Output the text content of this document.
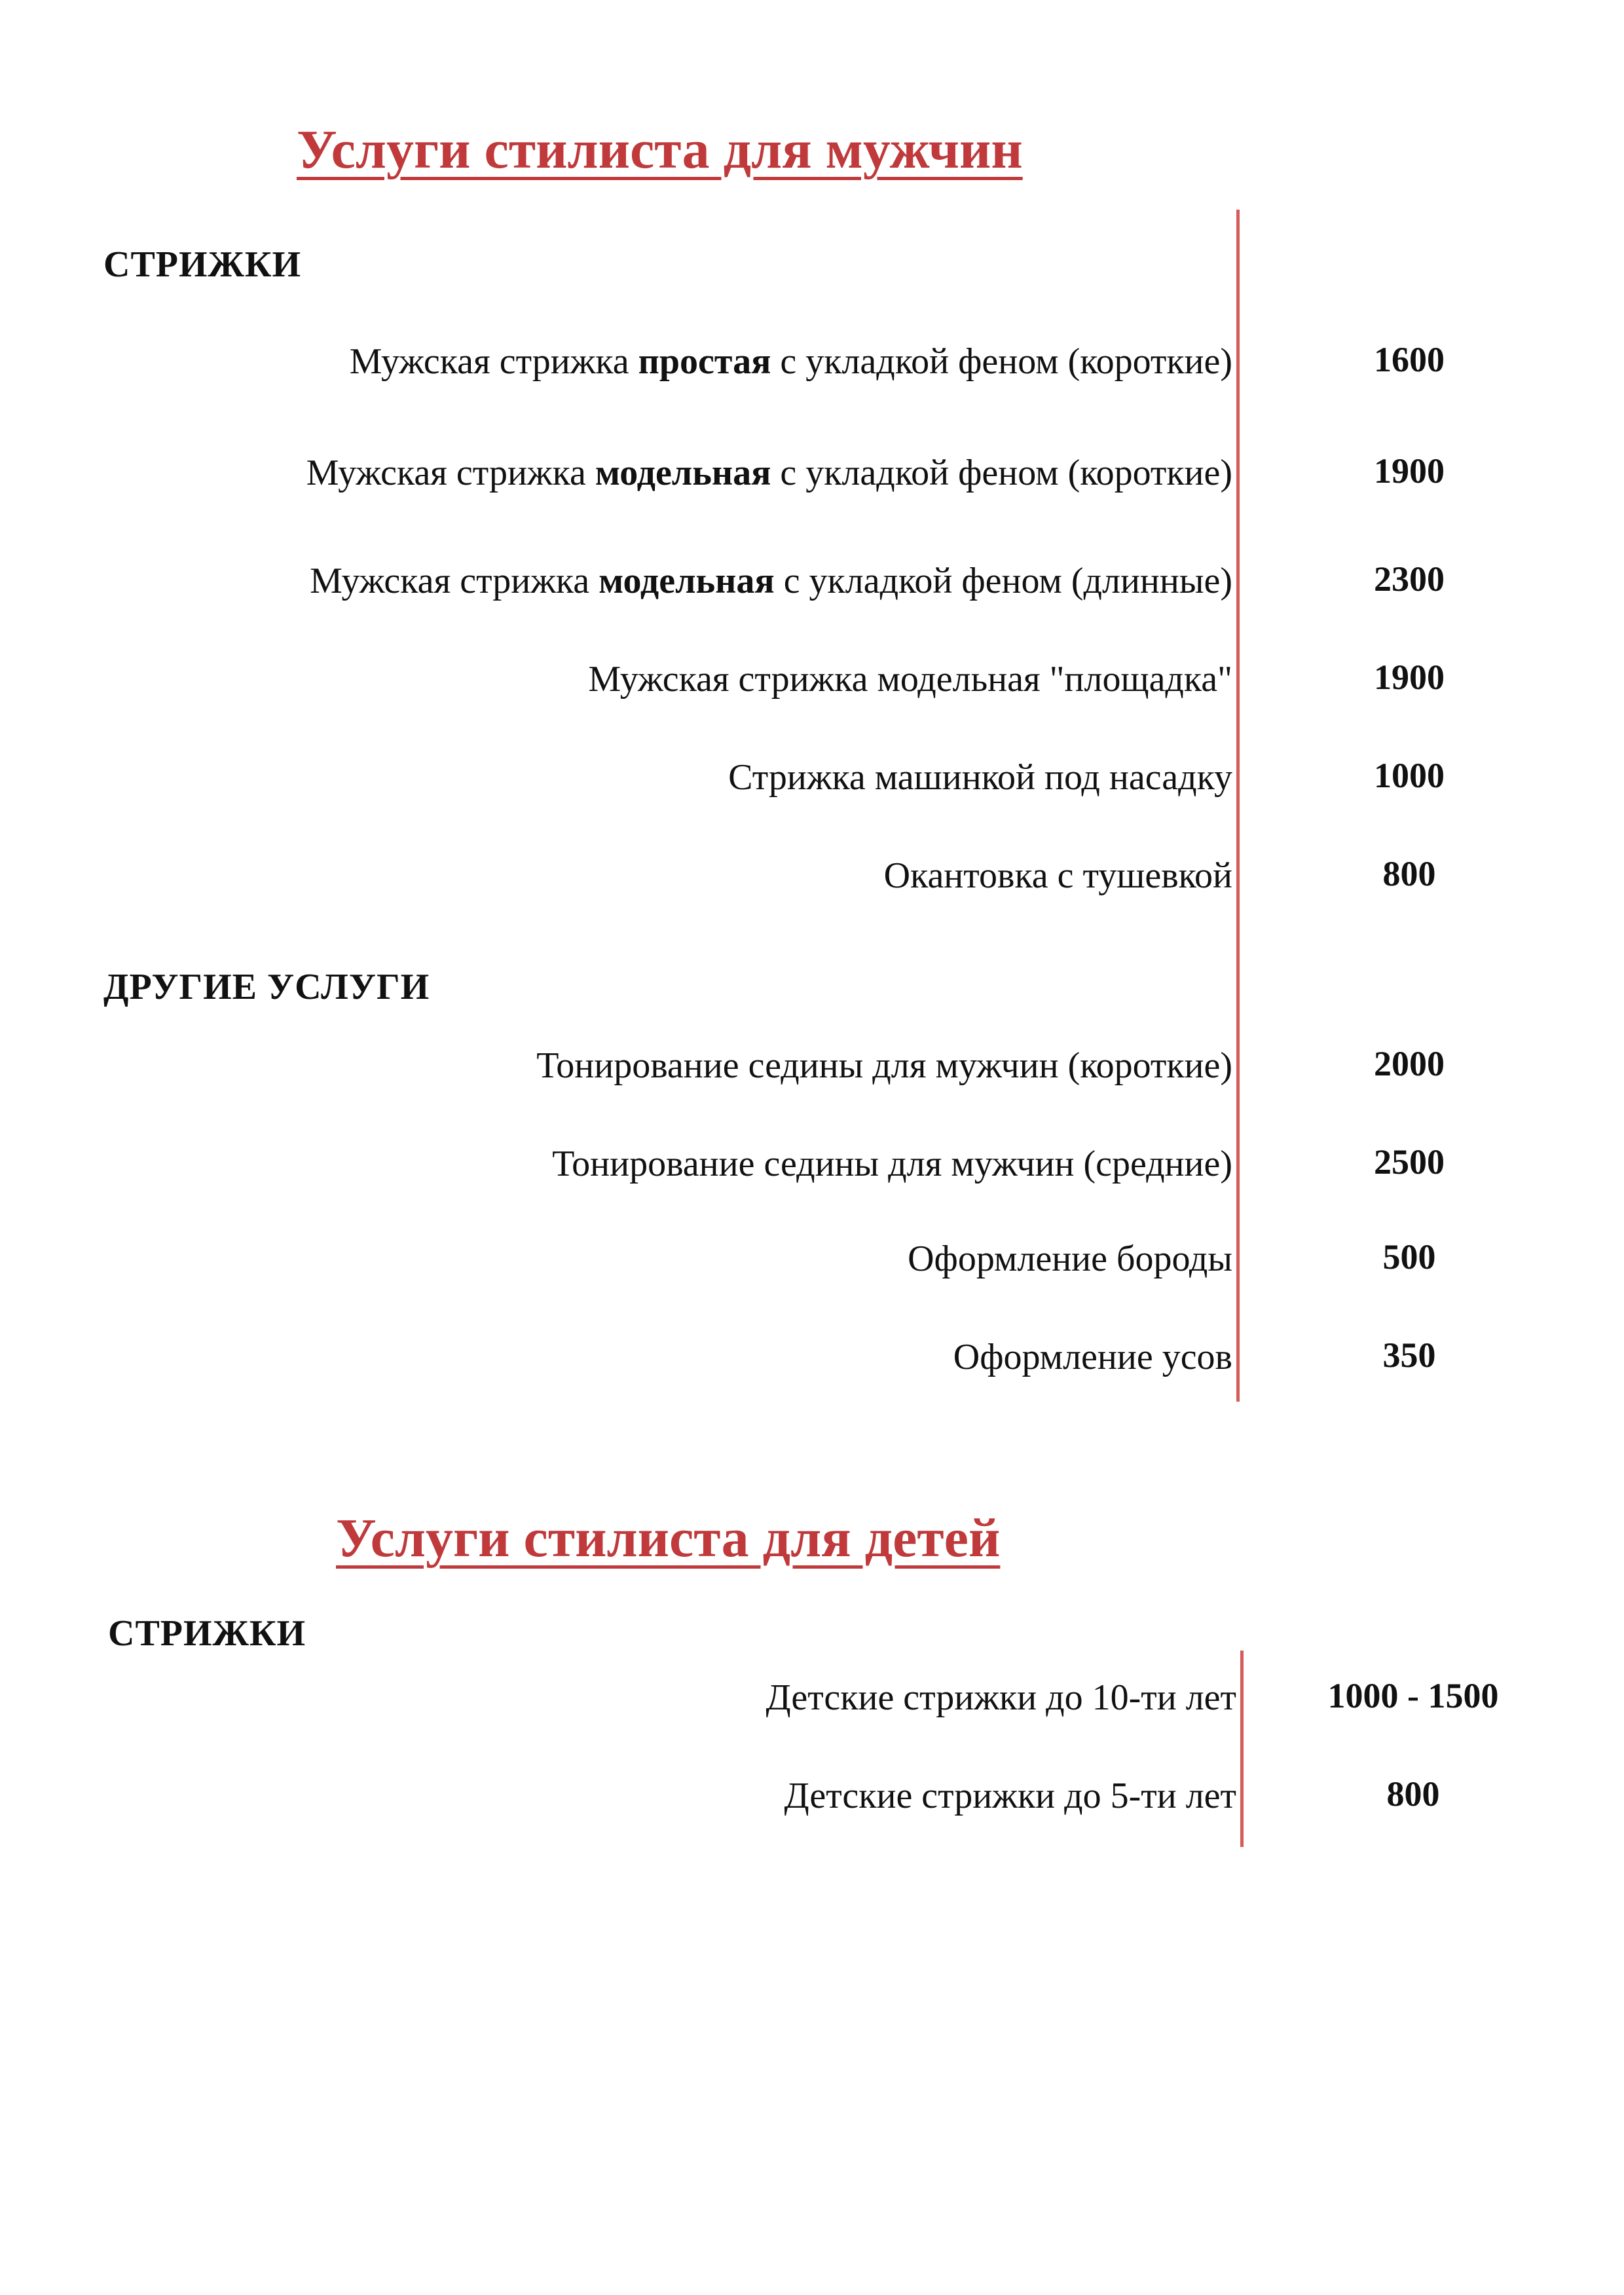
Услуги стилиста для мужчин
СТРИЖКИ
ДРУГИЕ УСЛУГИ
Услуги стилиста для детей
СТРИЖКИ
Мужская стрижка простая с укладкой феном (короткие)	1600
Мужская стрижка модельная с укладкой феном (короткие)	1900
Мужская стрижка модельная с укладкой феном (длинные)	2300
Мужская стрижка модельная "площадка"	1900
Стрижка машинкой под насадку	1000
Окантовка с тушевкой	800
Тонирование седины для мужчин (короткие)	2000
Тонирование седины для мужчин (средние)	2500
Оформление бороды	500
Оформление усов	350
Детские стрижки до 10-ти лет	1000 - 1500
Детские стрижки до 5-ти лет	800
